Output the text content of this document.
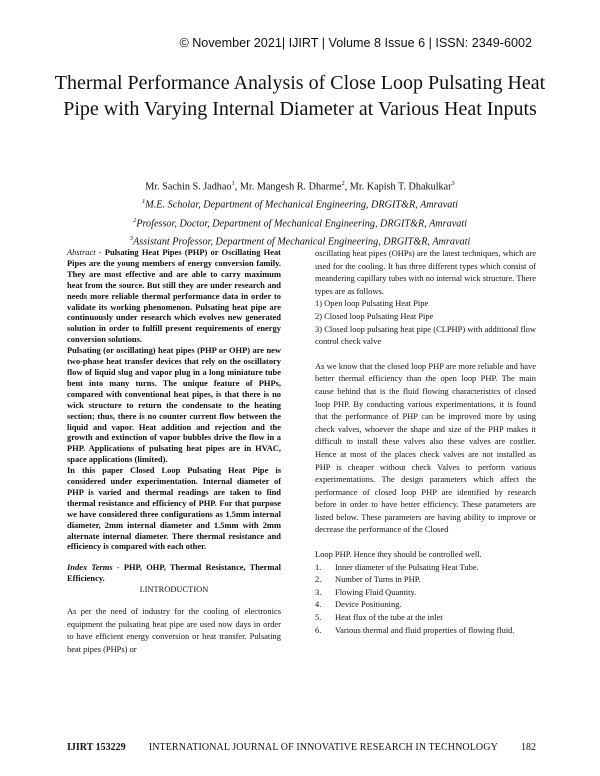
© November 2021| IJIRT | Volume 8 Issue 6 | ISSN: 2349-6002
Thermal Performance Analysis of Close Loop Pulsating Heat Pipe with Varying Internal Diameter at Various Heat Inputs
Mr. Sachin S. Jadhao$^1$, Mr. Mangesh R. Dharme$^2$, Mr. Kapish T. Dhakulkar$^3$
$^1$M.E. Scholar, Department of Mechanical Engineering, DRGIT&R, Amravati
$^2$Professor, Doctor, Department of Mechanical Engineering, DRGIT&R, Amravati
$^3$Assistant Professor, Department of Mechanical Engineering, DRGIT&R, Amravati

Abstract - Pulsating Heat Pipes (PHP) or Oscillating Heat Pipes are the young members of energy conversion family. They are most effective and are able to carry maximum heat from the source. But still they are under research and needs more reliable thermal performance data in order to validate its working phenomenon. Pulsating heat pipe are continuously under research which evolves new generated solution in order to fulfill present requirements of energy conversion solutions.

Pulsating (or oscillating) heat pipes (PHP or OHP) are new two-phase heat transfer devices that rely on the oscillatory flow of liquid slug and vapor plug in a long miniature tube bent into many turns. The unique feature of PHPs, compared with conventional heat pipes, is that there is no wick structure to return the condensate to the heating section; thus, there is no counter current flow between the liquid and vapor. Heat addition and rejection and the growth and extinction of vapor bubbles drive the flow in a PHP. Applications of pulsating heat pipes are in HVAC, space applications (limited).

In this paper Closed Loop Pulsating Heat Pipe is considered under experimentation. Internal diameter of PHP is varied and thermal readings are taken to find thermal resistance and efficiency of PHP. For that purpose we have considered three configurations as 1.5mm internal diameter, 2mm internal diameter and 1.5mm with 2mm alternate internal diameter. There thermal resistance and efficiency is compared with each other.

Index Terms - PHP, OHP, Thermal Resistance, Thermal Efficiency.

I.INTRODUCTION

As per the need of industry for the cooling of electronics equipment the pulsating heat pipe are used now days in order to have efficient energy conversion or heat transfer. Pulsating heat pipes (PHPs) or

oscillating heat pipes (OHPs) are the latest techniques, which are used for the cooling. It has three different types which consist of meandering capillary tubes with no internal wick structure. There types are as follows.

1) Open loop Pulsating Heat Pipe
2) Closed loop Pulsating Heat Pipe
3) Closed loop pulsating heat pipe (CLPHP) with additional flow control check valve

As we know that the closed loop PHP are more reliable and have better thermal efficiency than the open loop PHP. The main cause behind that is the fluid flowing characteristics of closed loop PHP. By conducting various experimentations, it is found that the performance of PHP can be improved more by using check valves, whoever the shape and size of the PHP makes it difficult to install these valves also these valves are costlier. Hence at most of the places check valves are not installed as PHP is cheaper without check Valves to perform various experimentations. The design parameters which affect the performance of closed loop PHP are identified by research before in order to have better efficiency. These parameters are listed below. These parameters are having ability to improve or decrease the performance of the Closed

Loop PHP. Hence they should be controlled well.

1.	Inner diameter of the Pulsating Heat Tube.
2.	Number of Turns in PHP.
3.	Flowing Fluid Quantity.
4.	Device Positioning.
5.	Heat flux of the tube at the inlet
6.	Various thermal and fluid properties of flowing fluid.
IJIRT 153229 INTERNATIONAL JOURNAL OF INNOVATIVE RESEARCH IN TECHNOLOGY 182
